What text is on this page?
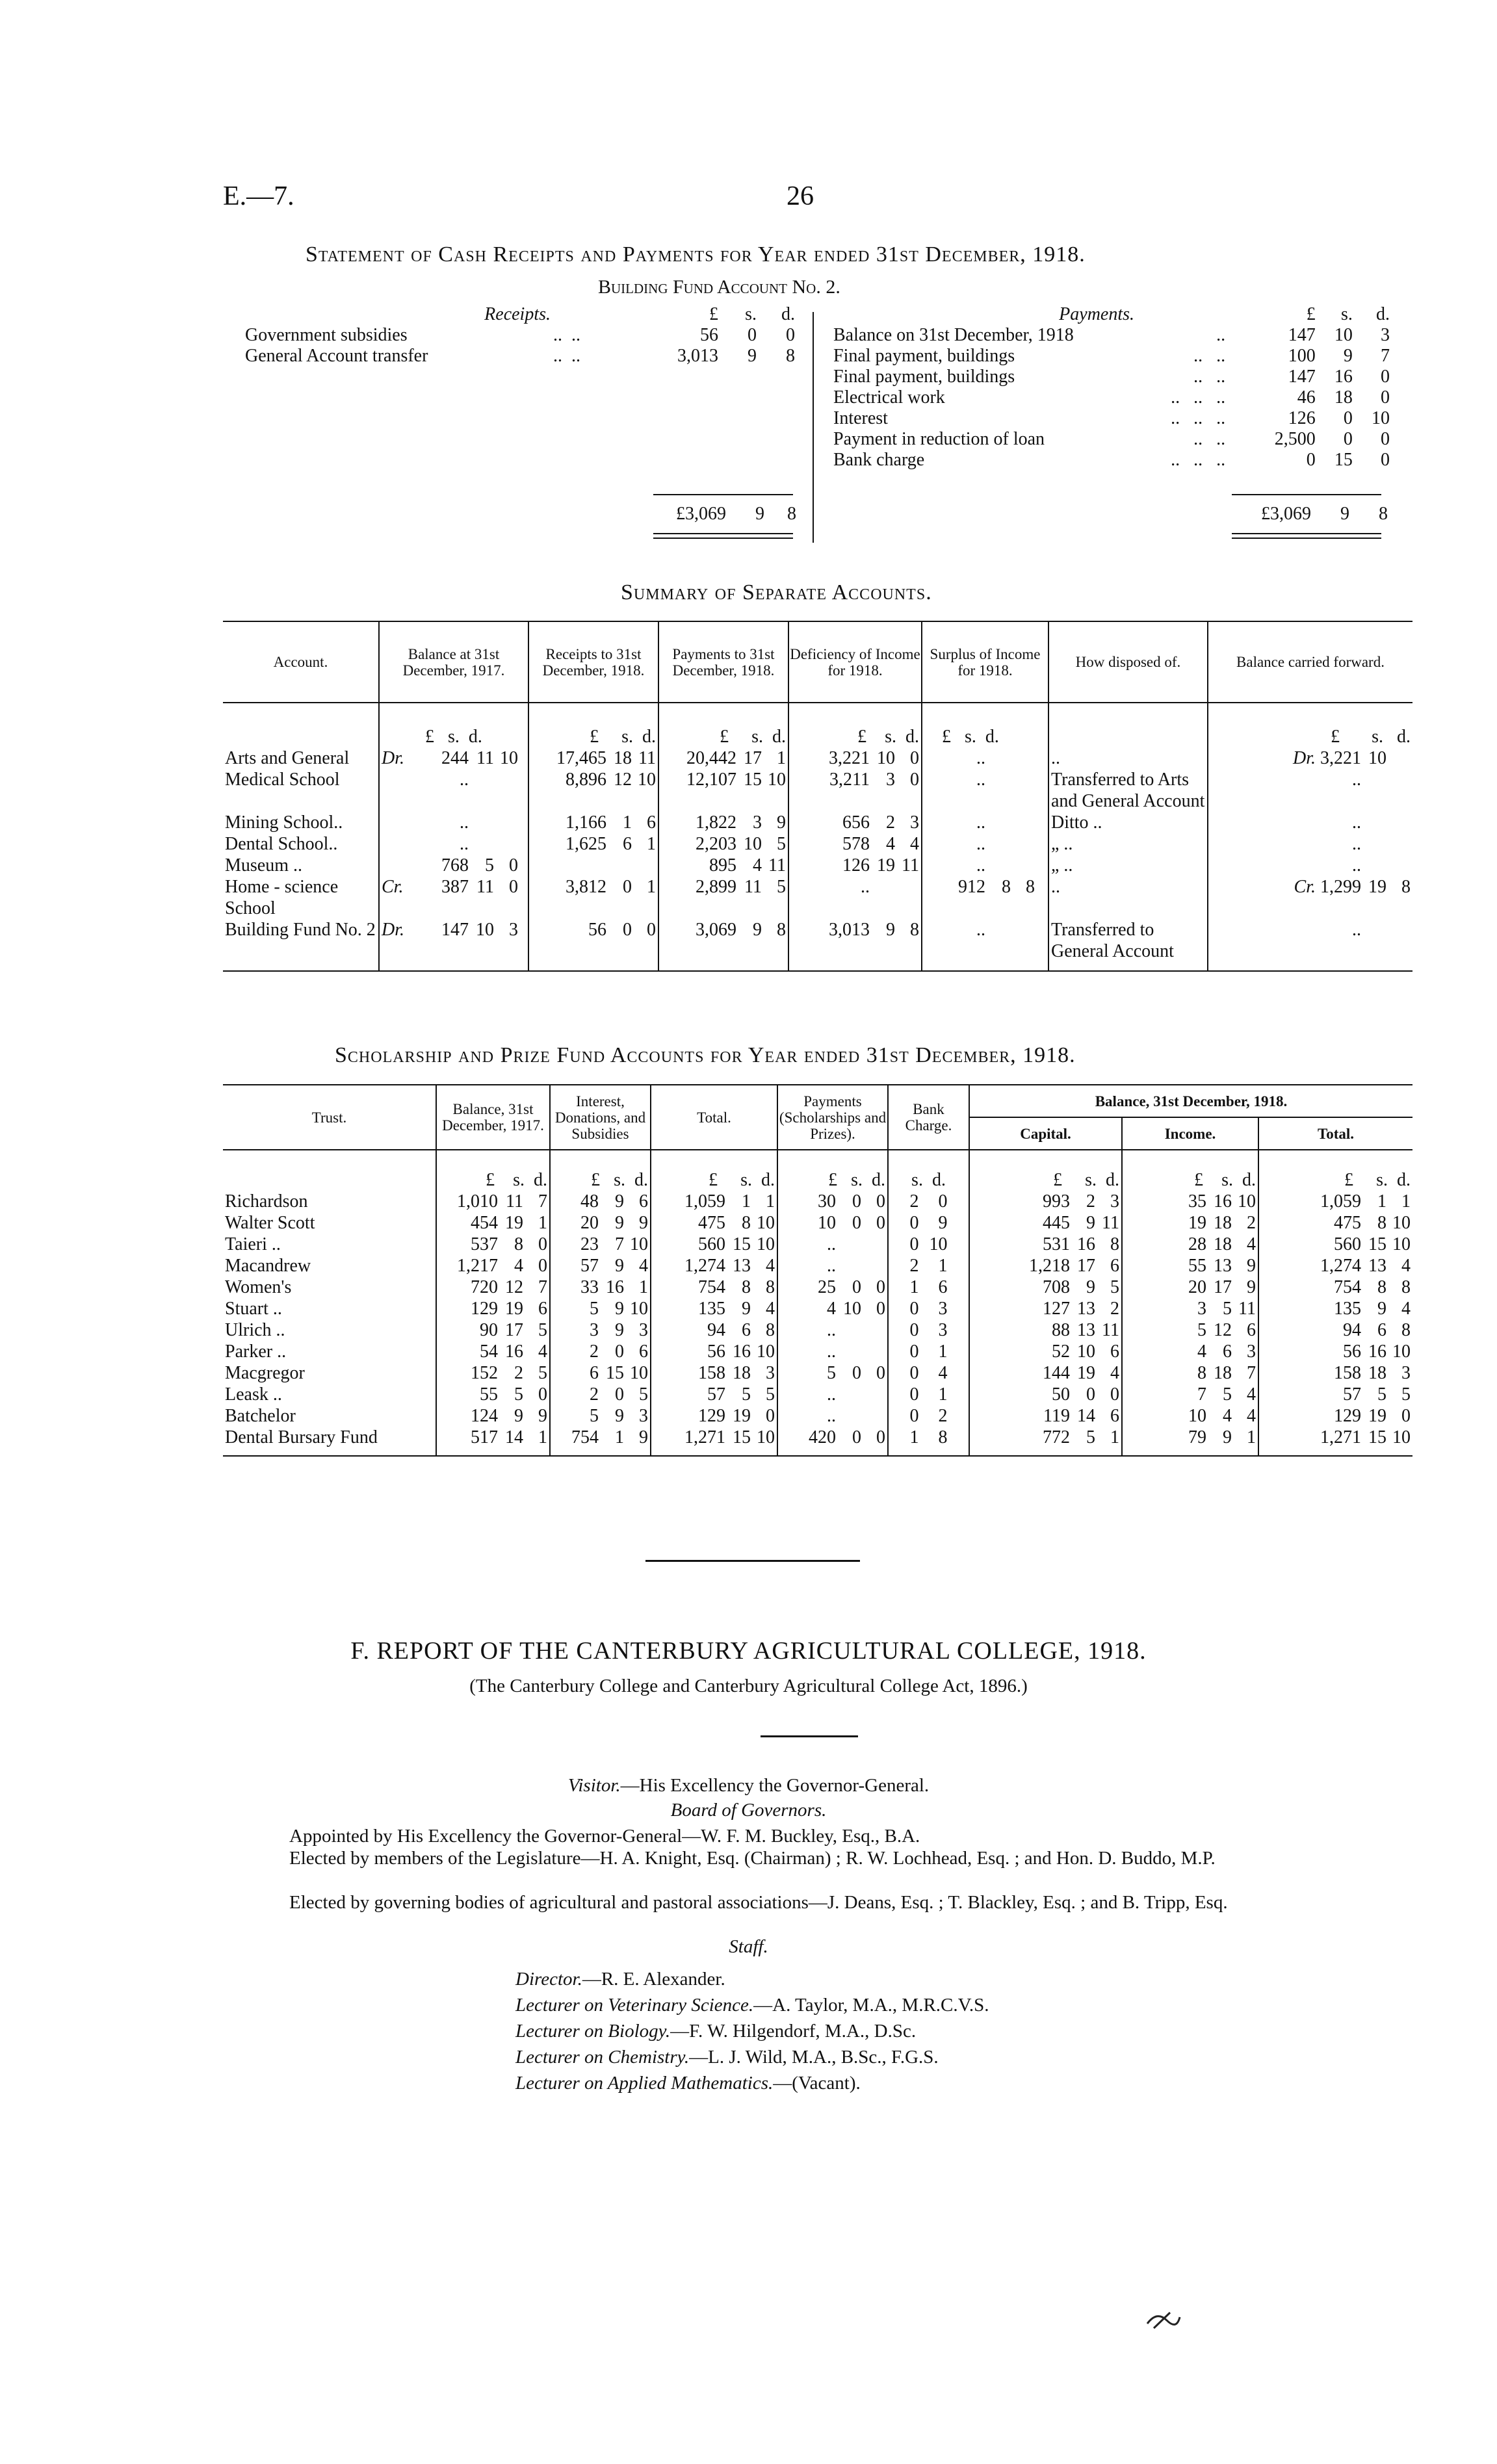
E.—7.	26
Statement of Cash Receipts and Payments for Year ended 31st December, 1918.
Building Fund Account No. 2.
Receipts.		£	s.	d.
Government subsidies	..  ..	56	0	0
General Account transfer	..  ..	3,013	9	8
Payments.		£	s.	d.
Balance on 31st December, 1918	..	147	10	3
Final payment, buildings	..   ..	100	9	7
Final payment, buildings	..   ..	147	16	0
Electrical work	..   ..   ..	46	18	0
Interest	..   ..   ..	126	0	10
Payment in reduction of loan	..   ..	2,500	0	0
Bank charge	..   ..   ..	0	15	0
£3,069	9	8	£3,069	9	8
Summary of Separate Accounts.
Account.	Balance at 31st December, 1917.	Receipts to 31st December, 1918.	Payments to 31st December, 1918.	Deficiency of Income for 1918.	Surplus of Income for 1918.	How disposed of.	Balance carried forward.

	£ s. d.	£ s. d.	£ s. d.	£ s. d.	£ s. d.		£ s. d.
Arts and General	Dr. 244 11 10	17,465 18 11	20,442 17 1	3,221 10 0	..	..	Dr. 3,221 10
Medical School	..	8,896 12 10	12,107 15 10	3,211 3 0	..	Transferred to Arts and General Account	..
Mining School..	..	1,166 1 6	1,822 3 9	656 2 3	..	Ditto ..	..
Dental School..	..	1,625 6 1	2,203 10 5	578 4 4	..	„ ..	..
Museum ..	768 5 0		895 4 11	126 19 11	..	„ ..	..
Home - science School	Cr. 387 11 0	3,812 0 1	2,899 11 5	..	912 8 8	..	Cr. 1,299 19 8
Building Fund No. 2	Dr. 147 10 3	56 0 0	3,069 9 8	3,013 9 8	..	Transferred to General Account	..

Scholarship and Prize Fund Accounts for Year ended 31st December, 1918.
Trust.	Balance, 31st December, 1917.	Interest, Donations, and Subsidies	Total.	Payments (Scholarships and Prizes).	Bank Charge.	Balance, 31st December, 1918.		
						Capital.	Income.	Total.

	£ s. d.	£ s. d.	£ s. d.	£ s. d.	s. d.	£ s. d.	£ s. d.	£ s. d.
Richardson	1,010 11 7	48 9 6	1,059 1 1	30 0 0	2 0	993 2 3	35 16 10	1,059 1 1
Walter Scott	454 19 1	20 9 9	475 8 10	10 0 0	0 9	445 9 11	19 18 2	475 8 10
Taieri ..	537 8 0	23 7 10	560 15 10	..	0 10	531 16 8	28 18 4	560 15 10
Macandrew	1,217 4 0	57 9 4	1,274 13 4	..	2 1	1,218 17 6	55 13 9	1,274 13 4
Women's	720 12 7	33 16 1	754 8 8	25 0 0	1 6	708 9 5	20 17 9	754 8 8
Stuart ..	129 19 6	5 9 10	135 9 4	4 10 0	0 3	127 13 2	3 5 11	135 9 4
Ulrich ..	90 17 5	3 9 3	94 6 8	..	0 3	88 13 11	5 12 6	94 6 8
Parker ..	54 16 4	2 0 6	56 16 10	..	0 1	52 10 6	4 6 3	56 16 10
Macgregor	152 2 5	6 15 10	158 18 3	5 0 0	0 4	144 19 4	8 18 7	158 18 3
Leask ..	55 5 0	2 0 5	57 5 5	..	0 1	50 0 0	7 5 4	57 5 5
Batchelor	124 9 9	5 9 3	129 19 0	..	0 2	119 14 6	10 4 4	129 19 0
Dental Bursary Fund	517 14 1	754 1 9	1,271 15 10	420 0 0	1 8	772 5 1	79 9 1	1,271 15 10

F. REPORT OF THE CANTERBURY AGRICULTURAL COLLEGE, 1918.
(The Canterbury College and Canterbury Agricultural College Act, 1896.)
Visitor.—His Excellency the Governor-General.
Board of Governors.
Appointed by His Excellency the Governor-General—W. F. M. Buckley, Esq., B.A.
Elected by members of the Legislature—H. A. Knight, Esq. (Chairman) ; R. W. Lochhead, Esq. ; and Hon. D. Buddo, M.P.
Elected by governing bodies of agricultural and pastoral associations—J. Deans, Esq. ; T. Blackley, Esq. ; and B. Tripp, Esq.
Staff.
Director.—R. E. Alexander.
Lecturer on Veterinary Science.—A. Taylor, M.A., M.R.C.V.S.
Lecturer on Biology.—F. W. Hilgendorf, M.A., D.Sc.
Lecturer on Chemistry.—L. J. Wild, M.A., B.Sc., F.G.S.
Lecturer on Applied Mathematics.—(Vacant).
